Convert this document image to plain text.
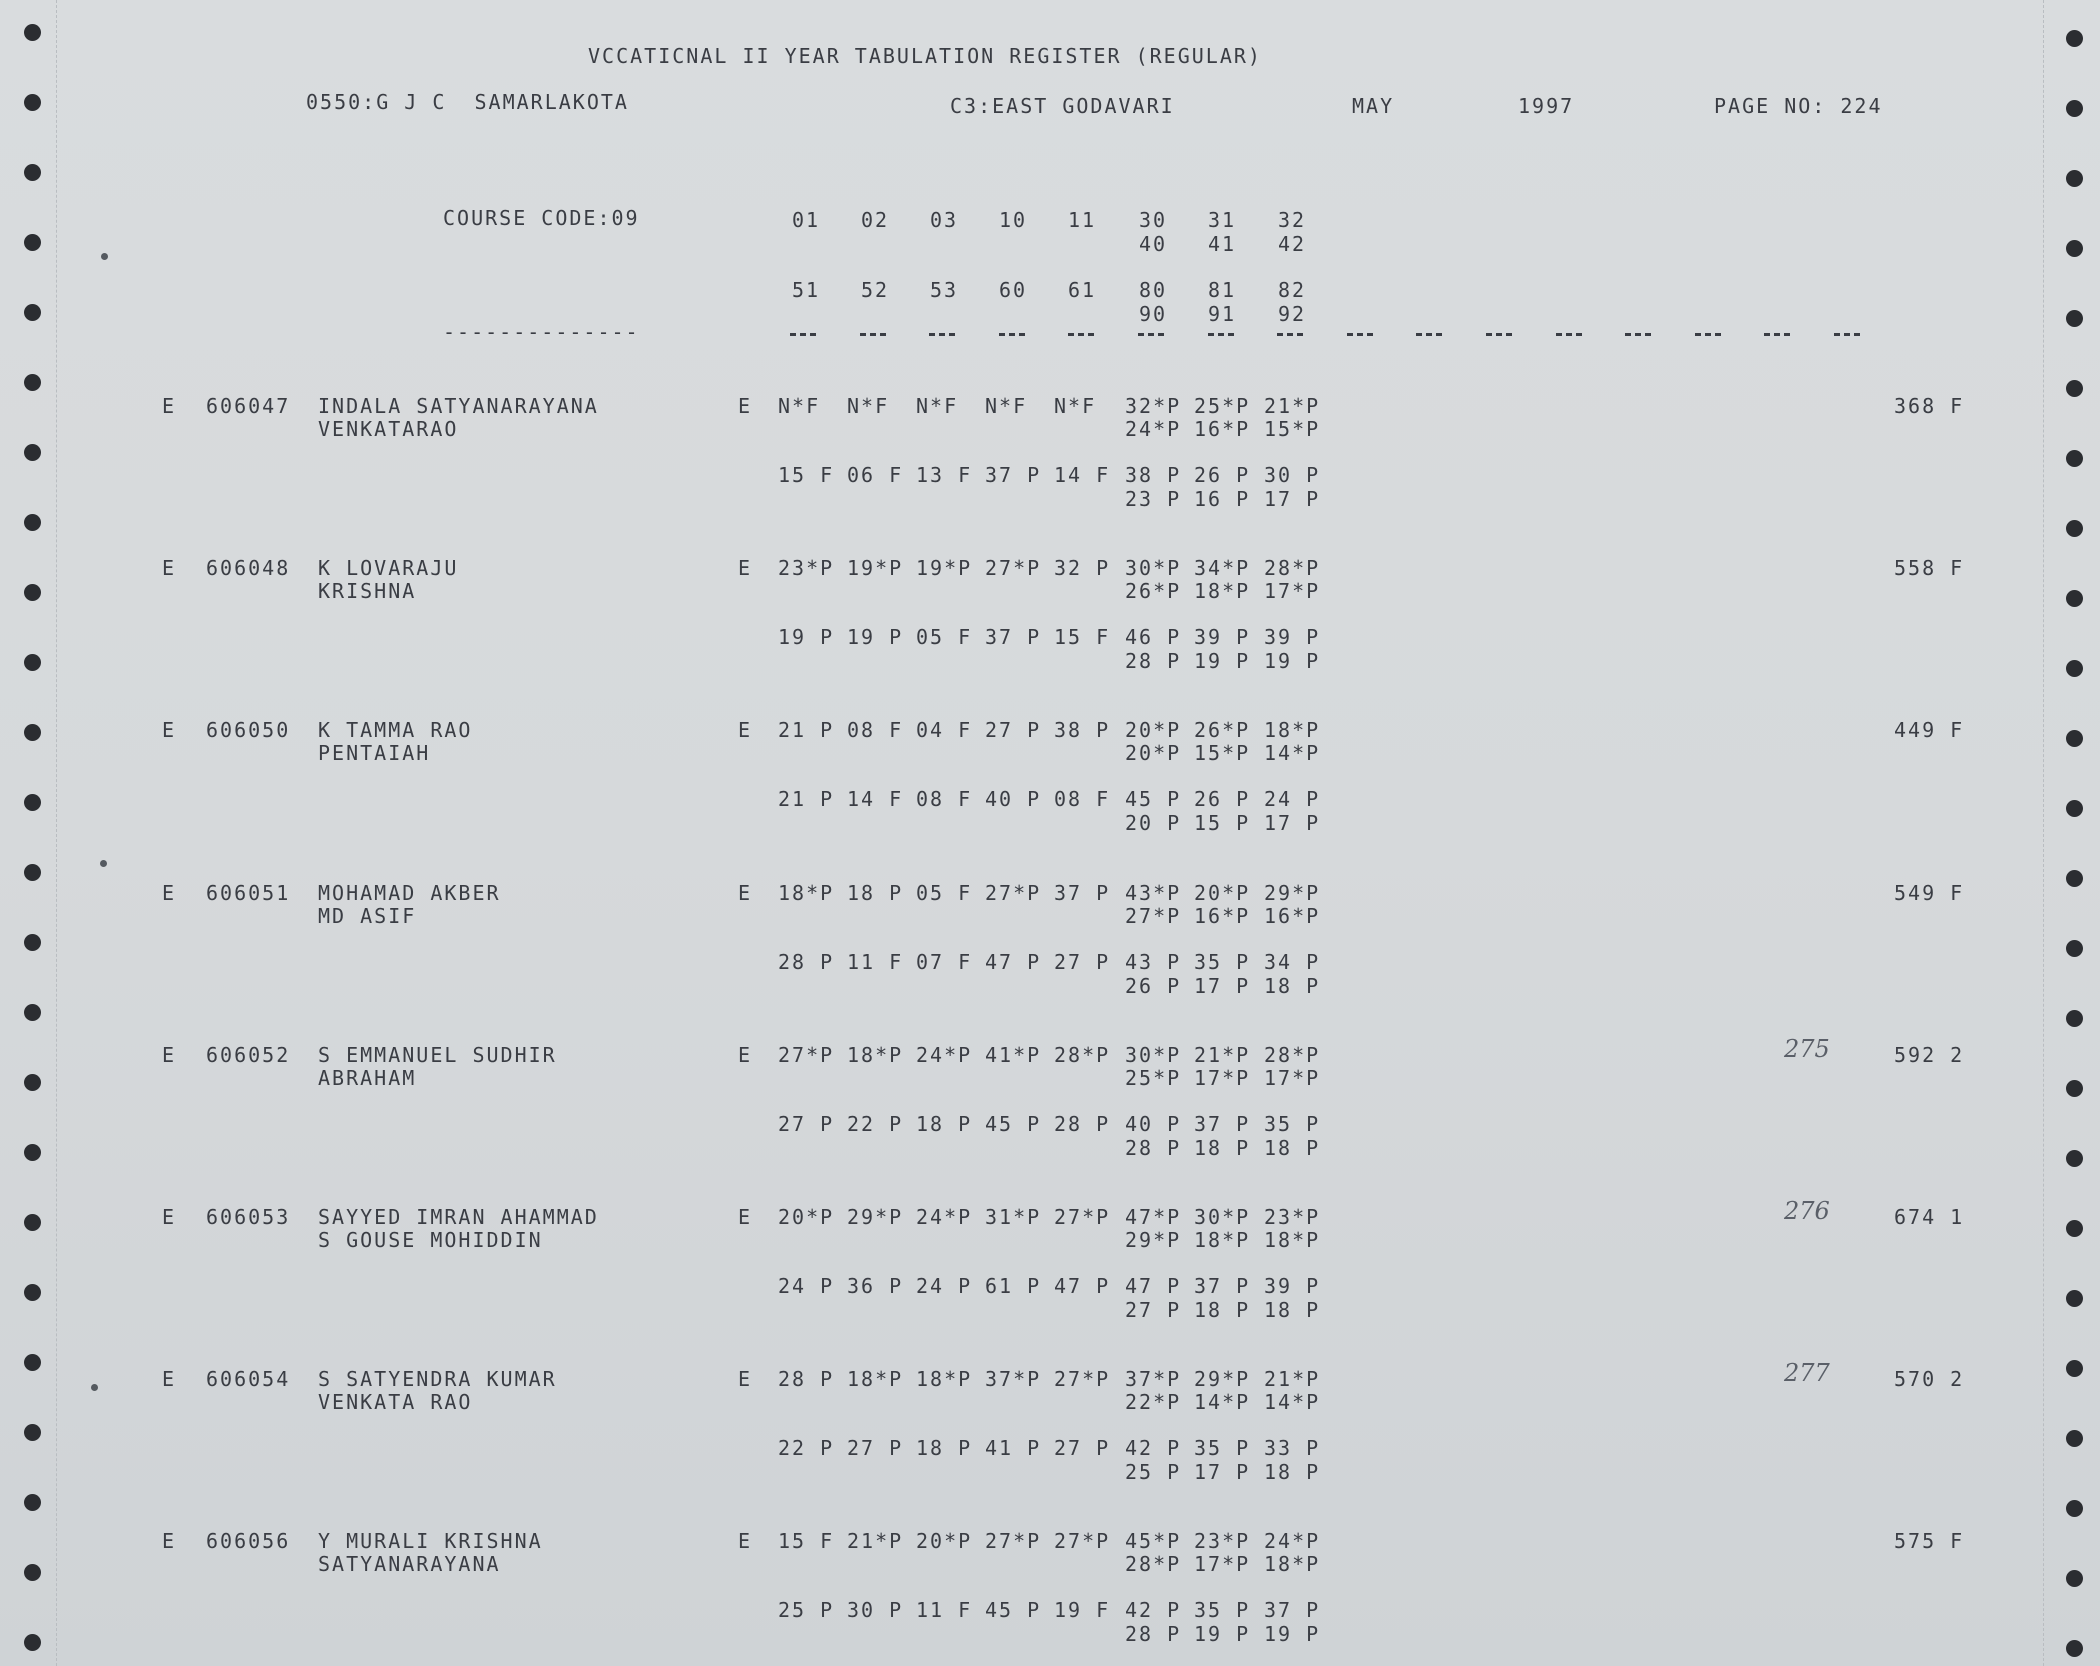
VCCATICNAL II YEAR TABULATION REGISTER (REGULAR)
0550:G J C  SAMARLAKOTA	C3:EAST GODAVARI	MAY	1997	PAGE NO: 224
COURSE CODE:09
--------------
01 02 03 10 11 30 31 32
40 41 42
51 52 53 60 61 80 81 82
90 91 92
E 606047 INDALA SATYANARAYANA
VENKATARAO
E N*F N*F N*F N*F N*F 32*P 25*P 21*P
24*P 16*P 15*P
15 F 06 F 13 F 37 P 14 F 38 P 26 P 30 P
23 P 16 P 17 P
368 F
E 606048 K LOVARAJU
KRISHNA
E 23*P 19*P 19*P 27*P 32 P 30*P 34*P 28*P
26*P 18*P 17*P
19 P 19 P 05 F 37 P 15 F 46 P 39 P 39 P
28 P 19 P 19 P
558 F
E 606050 K TAMMA RAO
PENTAIAH
E 21 P 08 F 04 F 27 P 38 P 20*P 26*P 18*P
20*P 15*P 14*P
21 P 14 F 08 F 40 P 08 F 45 P 26 P 24 P
20 P 15 P 17 P
449 F
E 606051 MOHAMAD AKBER
MD ASIF
E 18*P 18 P 05 F 27*P 37 P 43*P 20*P 29*P
27*P 16*P 16*P
28 P 11 F 07 F 47 P 27 P 43 P 35 P 34 P
26 P 17 P 18 P
549 F
E 606052 S EMMANUEL SUDHIR
ABRAHAM
E 27*P 18*P 24*P 41*P 28*P 30*P 21*P 28*P
25*P 17*P 17*P
27 P 22 P 18 P 45 P 28 P 40 P 37 P 35 P
28 P 18 P 18 P
275	592 2
E 606053 SAYYED IMRAN AHAMMAD
S GOUSE MOHIDDIN
E 20*P 29*P 24*P 31*P 27*P 47*P 30*P 23*P
29*P 18*P 18*P
24 P 36 P 24 P 61 P 47 P 47 P 37 P 39 P
27 P 18 P 18 P
276	674 1
E 606054 S SATYENDRA KUMAR
VENKATA RAO
E 28 P 18*P 18*P 37*P 27*P 37*P 29*P 21*P
22*P 14*P 14*P
22 P 27 P 18 P 41 P 27 P 42 P 35 P 33 P
25 P 17 P 18 P
277	570 2
E 606056 Y MURALI KRISHNA
SATYANARAYANA
E 15 F 21*P 20*P 27*P 27*P 45*P 23*P 24*P
28*P 17*P 18*P
25 P 30 P 11 F 45 P 19 F 42 P 35 P 37 P
28 P 19 P 19 P
575 F
